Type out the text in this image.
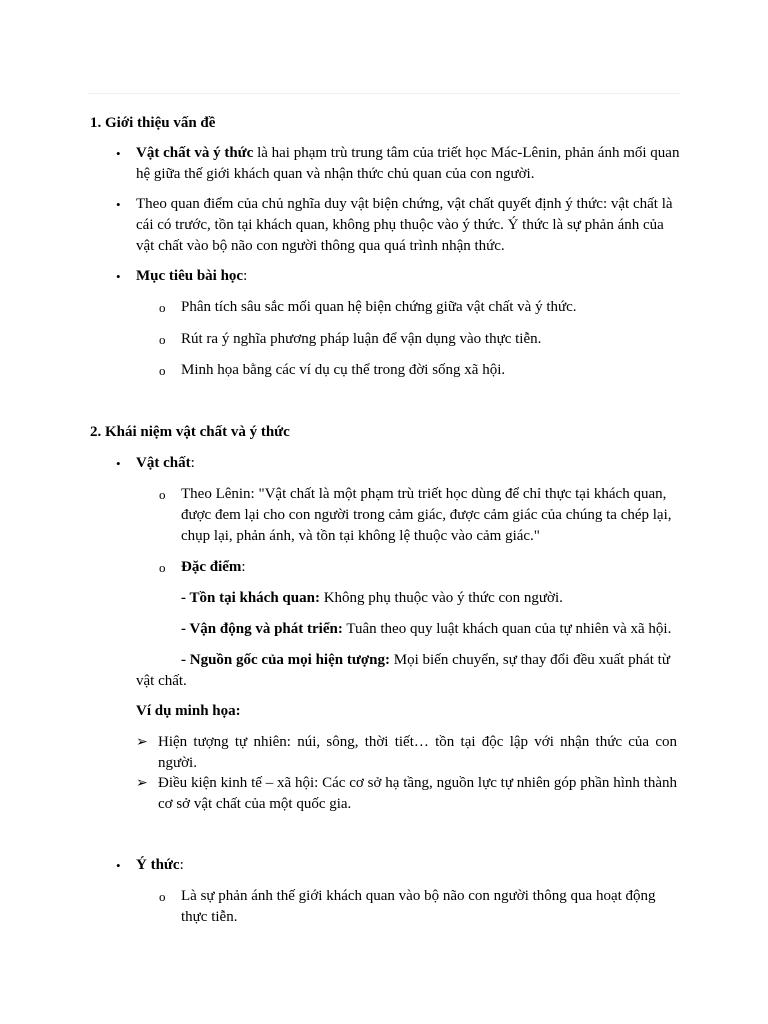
1. Giới thiệu vấn đề
• Vật chất và ý thức là hai phạm trù trung tâm của triết học Mác-Lênin, phản ánh mối quan hệ giữa thế giới khách quan và nhận thức chủ quan của con người.
• Theo quan điểm của chủ nghĩa duy vật biện chứng, vật chất quyết định ý thức: vật chất là cái có trước, tồn tại khách quan, không phụ thuộc vào ý thức. Ý thức là sự phản ánh của vật chất vào bộ não con người thông qua quá trình nhận thức.
• Mục tiêu bài học:
o Phân tích sâu sắc mối quan hệ biện chứng giữa vật chất và ý thức.
o Rút ra ý nghĩa phương pháp luận để vận dụng vào thực tiễn.
o Minh họa bằng các ví dụ cụ thể trong đời sống xã hội.
2. Khái niệm vật chất và ý thức
• Vật chất:
o Theo Lênin: "Vật chất là một phạm trù triết học dùng để chỉ thực tại khách quan, được đem lại cho con người trong cảm giác, được cảm giác của chúng ta chép lại, chụp lại, phản ánh, và tồn tại không lệ thuộc vào cảm giác."
o Đặc điểm:
- Tồn tại khách quan: Không phụ thuộc vào ý thức con người.
- Vận động và phát triển: Tuân theo quy luật khách quan của tự nhiên và xã hội.
- Nguồn gốc của mọi hiện tượng: Mọi biến chuyển, sự thay đổi đều xuất phát từ vật chất.
Ví dụ minh họa:
➢ Hiện tượng tự nhiên: núi, sông, thời tiết… tồn tại độc lập với nhận thức của con người.
➢ Điều kiện kinh tế – xã hội: Các cơ sở hạ tầng, nguồn lực tự nhiên góp phần hình thành cơ sở vật chất của một quốc gia.
• Ý thức:
o Là sự phản ánh thế giới khách quan vào bộ não con người thông qua hoạt động thực tiễn.
